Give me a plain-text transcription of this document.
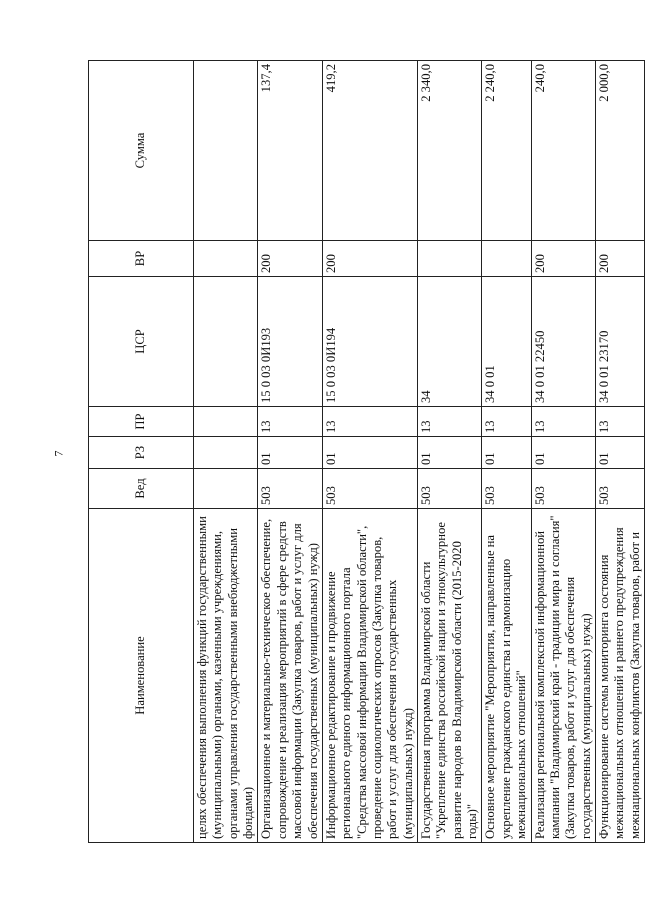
7
Наименование	Вед	РЗ	ПР	ЦСР	ВР	Сумма
целях обеспечения выполнения функций государственными (муниципальными) органами, казенными учреждениями, органами управления государственными внебюджетными фондами)						
Организационное и материально-техническое обеспечение, сопровождение и реализация мероприятий в сфере средств массовой информации (Закупка товаров, работ и услуг для обеспечения государственных (муниципальных) нужд)	503	01	13	15 0 03 0И193	200	137,4
Информационное редактирование и продвижение регионального единого информационного портала "Средства массовой информации Владимирской области", проведение социологических опросов (Закупка товаров, работ и услуг для обеспечения государственных (муниципальных) нужд)	503	01	13	15 0 03 0И194	200	419,2
Государственная программа Владимирской области "Укрепление единства российской нации и этнокультурное развитие народов во Владимирской области (2015-2020 годы)"	503	01	13	34		2 340,0
Основное мероприятие "Мероприятия, направленные на укрепление гражданского единства и гармонизацию межнациональных отношений"	503	01	13	34 0 01		2 240,0
Реализация региональной комплексной информационной кампании "Владимирский край - традиции мира и согласия" (Закупка товаров, работ и услуг для обеспечения государственных (муниципальных) нужд)	503	01	13	34 0 01 22450	200	240,0
Функционирование системы мониторинга состояния межнациональных отношений и раннего предупреждения межнациональных конфликтов (Закупка товаров, работ и	503	01	13	34 0 01 23170	200	2 000,0
